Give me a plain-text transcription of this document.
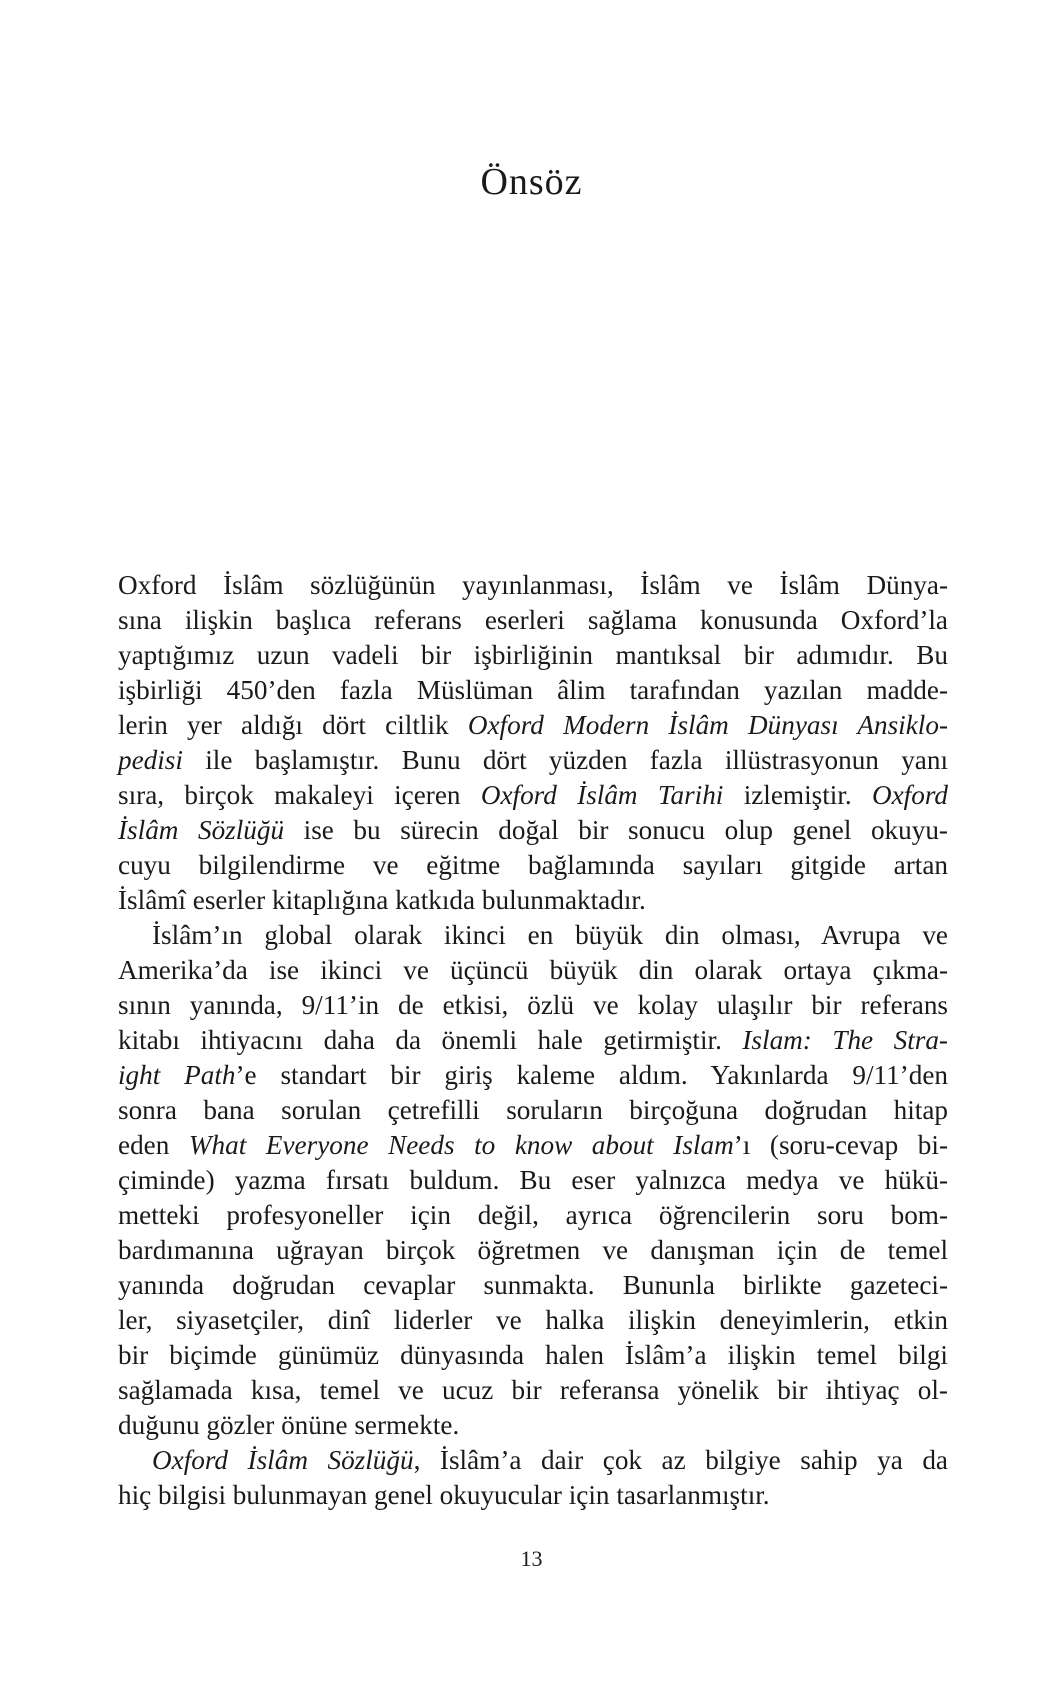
Önsöz
Oxford İslâm sözlüğünün yayınlanması, İslâm ve İslâm Dünya-
sına ilişkin başlıca referans eserleri sağlama konusunda Oxford’la
yaptığımız uzun vadeli bir işbirliğinin mantıksal bir adımıdır. Bu
işbirliği 450’den fazla Müslüman âlim tarafından yazılan madde-
lerin yer aldığı dört ciltlik Oxford Modern İslâm Dünyası Ansiklo-
pedisi ile başlamıştır. Bunu dört yüzden fazla illüstrasyonun yanı
sıra, birçok makaleyi içeren Oxford İslâm Tarihi izlemiştir. Oxford
İslâm Sözlüğü ise bu sürecin doğal bir sonucu olup genel okuyu-
cuyu bilgilendirme ve eğitme bağlamında sayıları gitgide artan
İslâmî eserler kitaplığına katkıda bulunmaktadır.
İslâm’ın global olarak ikinci en büyük din olması, Avrupa ve
Amerika’da ise ikinci ve üçüncü büyük din olarak ortaya çıkma-
sının yanında, 9/11’in de etkisi, özlü ve kolay ulaşılır bir referans
kitabı ihtiyacını daha da önemli hale getirmiştir. Islam: The Stra-
ight Path’e standart bir giriş kaleme aldım. Yakınlarda 9/11’den
sonra bana sorulan çetrefilli soruların birçoğuna doğrudan hitap
eden What Everyone Needs to know about Islam’ı (soru-cevap bi-
çiminde) yazma fırsatı buldum. Bu eser yalnızca medya ve hükü-
metteki profesyoneller için değil, ayrıca öğrencilerin soru bom-
bardımanına uğrayan birçok öğretmen ve danışman için de temel
yanında doğrudan cevaplar sunmakta. Bununla birlikte gazeteci-
ler, siyasetçiler, dinî liderler ve halka ilişkin deneyimlerin, etkin
bir biçimde günümüz dünyasında halen İslâm’a ilişkin temel bilgi
sağlamada kısa, temel ve ucuz bir referansa yönelik bir ihtiyaç ol-
duğunu gözler önüne sermekte.
Oxford İslâm Sözlüğü, İslâm’a dair çok az bilgiye sahip ya da
hiç bilgisi bulunmayan genel okuyucular için tasarlanmıştır.
13
